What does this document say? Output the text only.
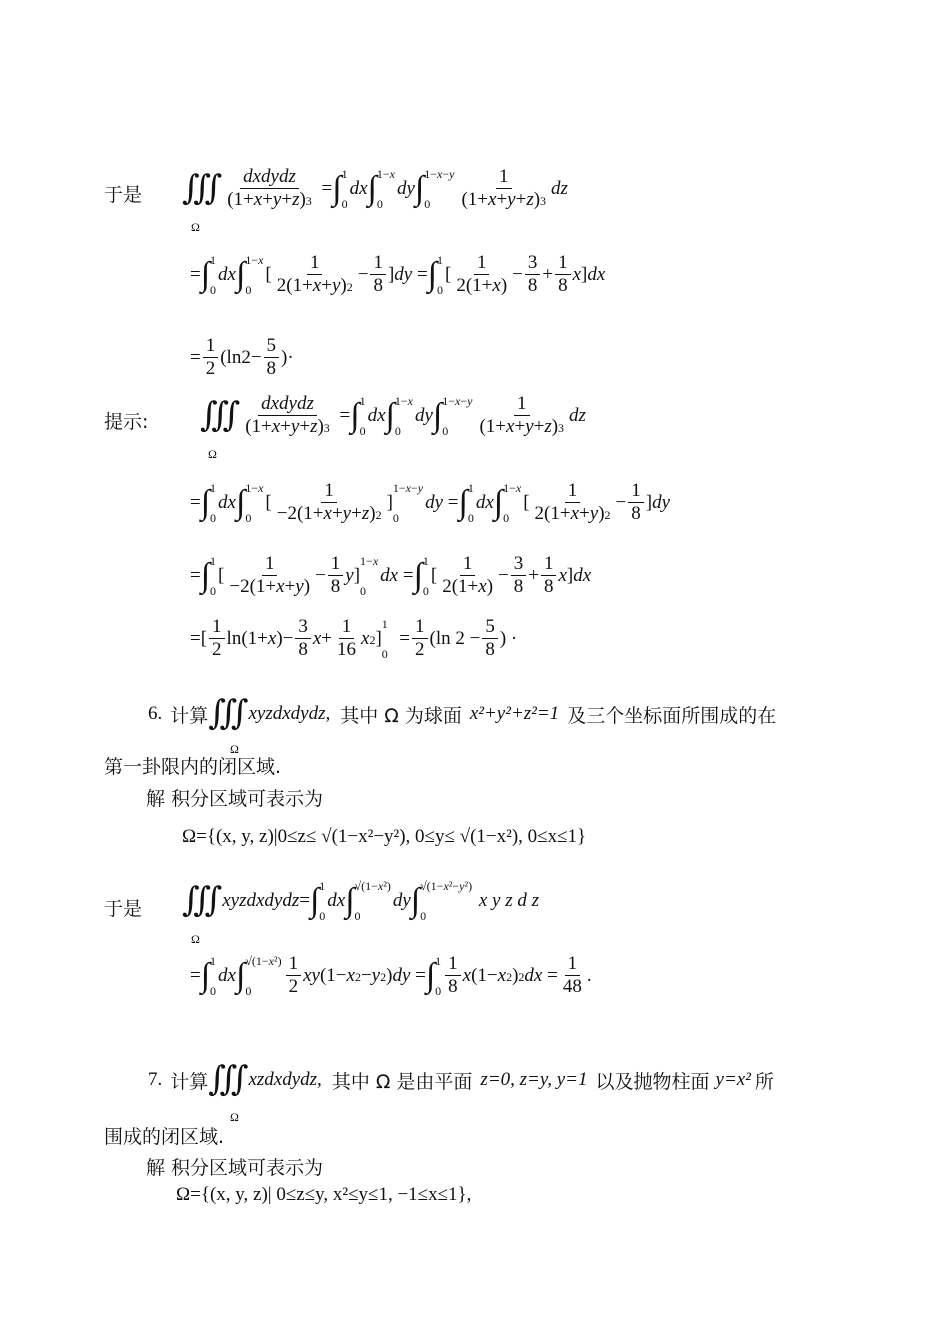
于是 ∭ $\frac{\text{dxdydz}}{(1+x+y+z)3}$ = ∫ 1
0
dx ∫ 1−x
0
dy ∫ 1−x−y
0	$\frac{1}{(1+x+y+z)3}$ dz
Ω
= ∫ 1
0
dx ∫ 1−x
0
[ $\frac{1}{2(1+x+y)2} - \frac{1}{8} ]dy$ = ∫ 1
0
[ $\frac{1}{2(1+x)} - \frac{3}{8} + \frac{1}{8} x]dx$
= $\frac{1}{2} (\ln 2- \frac{5}{8}$ )·
提示: ∭ $\frac{\text{dxdydz}}{(1+x+y+z)3}$ = ∫ 1
0
dx ∫ 1−x
0
dy ∫ 1−x−y
0	$\frac{1}{(1+x+y+z)3}$ dz
Ω
= ∫ 1
0
dx ∫ 1−x
0
[ $\frac{1}{-2(1+x+y+z)2}$ ]
1−x−y
0
dy = ∫ 1
0
dx ∫ 1−x
0
[ $\frac{1}{2(1+x+y)2} - \frac{1}{8} ]dy$
= ∫ 1
0
[ $\frac{1}{-2(1+x+y)} - \frac{1}{8} y$]
1−x
0
dx = ∫ 1
0
[ $\frac{1}{2(1+x)} - \frac{3}{8} + \frac{1}{8} x]dx$
=[ $\frac{1}{2} \ln(1+x)- \frac{3}{8} x+ \frac{1}{16} x2$]
1
0
= $\frac{1}{2} (\ln$ $2 - \frac{5}{8}$ ) ·
6. 计算 ∭ xyzdxdydz, 其中 Ω 为球面 x²+y²+z²=1 及三个坐标面所围成的在
Ω
第一卦限内的闭区域.
解 积分区域可表示为
Ω={(x, y, z)|0≤z≤ √(1−x²−y²), 0≤y≤ √(1−x²), 0≤x≤1}
于是 ∭ xyzdxdydz = ∫ 1
0
dx ∫ √(1−x²)
0
dy ∫ √(1−x²−y²)
0
x y z d z
Ω
= ∫ 1
0
dx ∫ √(1−x²)
0	$\frac{1}{2} xy(1-x2-y2)dy$ = ∫ 1
$0 \frac{1}{8} x(1-x2)2dx = \frac{1}{48}$ .
7. 计算 ∭ xzdxdydz, 其中 Ω 是由平面 z=0, z=y, y=1 以及抛物柱面 y=x² 所
Ω
围成的闭区域.
解 积分区域可表示为
Ω={(x, y, z)| 0≤z≤y, x²≤y≤1, −1≤x≤1},
